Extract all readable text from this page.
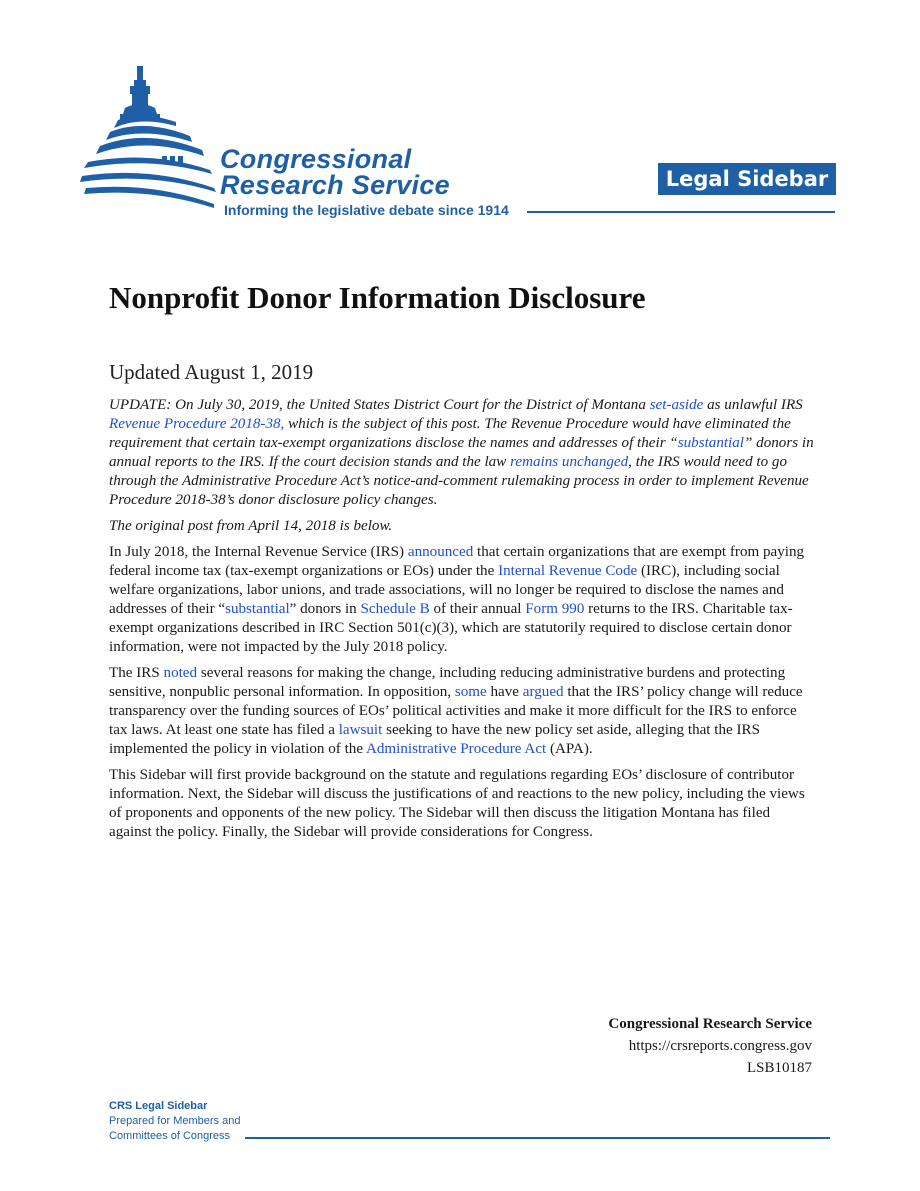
Congressional
Research Service
Informing the legislative debate since 1914
Legal Sidebar
Nonprofit Donor Information Disclosure
Updated August 1, 2019

UPDATE: On July 30, 2019, the United States District Court for the District of Montana set-aside as unlawful IRS Revenue Procedure 2018-38, which is the subject of this post. The Revenue Procedure would have eliminated the requirement that certain tax-exempt organizations disclose the names and addresses of their “substantial” donors in annual reports to the IRS. If the court decision stands and the law remains unchanged, the IRS would need to go through the Administrative Procedure Act’s notice-and-comment rulemaking process in order to implement Revenue Procedure 2018-38’s donor disclosure policy changes.

The original post from April 14, 2018 is below.

In July 2018, the Internal Revenue Service (IRS) announced that certain organizations that are exempt from paying federal income tax (tax-exempt organizations or EOs) under the Internal Revenue Code (IRC), including social welfare organizations, labor unions, and trade associations, will no longer be required to disclose the names and addresses of their “substantial” donors in Schedule B of their annual Form 990 returns to the IRS. Charitable tax-exempt organizations described in IRC Section 501(c)(3), which are statutorily required to disclose certain donor information, were not impacted by the July 2018 policy.

The IRS noted several reasons for making the change, including reducing administrative burdens and protecting sensitive, nonpublic personal information. In opposition, some have argued that the IRS’ policy change will reduce transparency over the funding sources of EOs’ political activities and make it more difficult for the IRS to enforce tax laws. At least one state has filed a lawsuit seeking to have the new policy set aside, alleging that the IRS implemented the policy in violation of the Administrative Procedure Act (APA).

This Sidebar will first provide background on the statute and regulations regarding EOs’ disclosure of contributor information. Next, the Sidebar will discuss the justifications of and reactions to the new policy, including the views of proponents and opponents of the new policy. The Sidebar will then discuss the litigation Montana has filed against the policy. Finally, the Sidebar will provide considerations for Congress.

Congressional Research Service
https://crsreports.congress.gov
LSB10187
CRS Legal Sidebar
Prepared for Members and
Committees of Congress
